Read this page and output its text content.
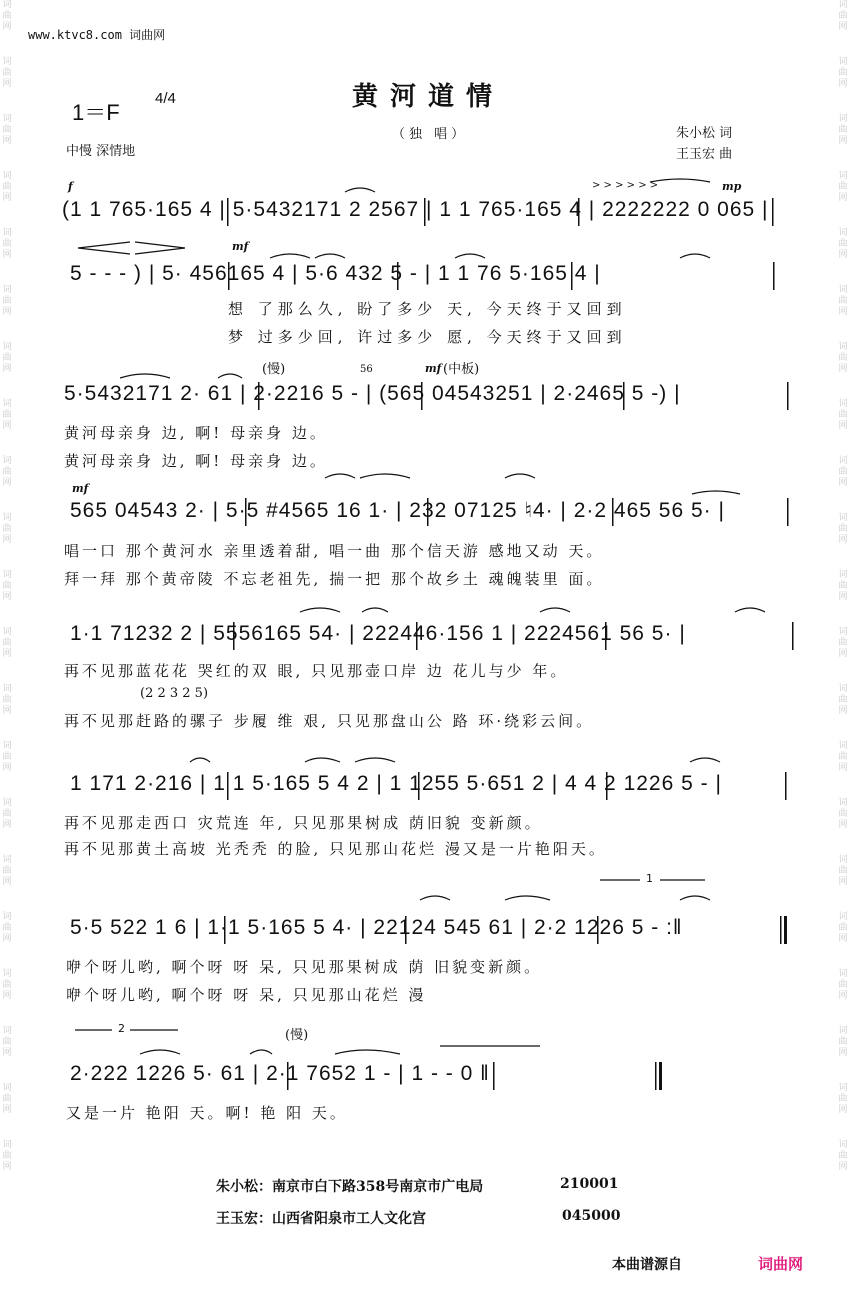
词
曲
网
词
曲
网
词
曲
网
词
曲
网
词
曲
网
词
曲
网
词
曲
网
词
曲
网
词
曲
网
词
曲
网
词
曲
网
词
曲
网
词
曲
网
词
曲
网
词
曲
网
词
曲
网
词
曲
网
词
曲
网
词
曲
网
词
曲
网
词
曲
网
词
曲
网
词
曲
网
词
曲
网
词
曲
网
词
曲
网
词
曲
网
词
曲
网
词
曲
网
词
曲
网
词
曲
网
词
曲
网
词
曲
网
词
曲
网
词
曲
网
词
曲
网
词
曲
网
词
曲
网
词
曲
网
词
曲
网
词
曲
网
词
曲
网
www.ktvc8.com 词曲网
1＝F
4/4	黄河道情
（独 唱）	朱小松 词
王玉宏 曲
中慢 深情地
f	mp
> > > > > >
(1 1 765·165 4 | 5·5432171 2 2567 | 1 1 765·165 4 | 2222222 0 065 |
mf
5 - - - ) | 5· 456165 4 | 5·6 432 5 - | 1 1 76 5·165 4 |
想 了那么久, 盼了多少 天, 今天终于又回到
梦 过多少回, 许过多少 愿, 今天终于又回到
(慢)	56	mf (中板)
5·5432171 2· 61 | 2·2216 5 - | (565 04543251 | 2·2465 5 -) |
黄河母亲身 边, 啊! 母亲身 边。
黄河母亲身 边, 啊! 母亲身 边。
mf
565 04543 2· | 5·5 #4565 16 1· | 232 07125 ♮4· | 2·2 465 56 5· |
唱一口 那个黄河水 亲里透着甜, 唱一曲 那个信天游 感地又动 天。
拜一拜 那个黄帝陵 不忘老祖先, 揣一把 那个故乡土 魂魄装里 面。
1·1 71232 2 | 5556165 54· | 222446·156 1 | 2224561 56 5· |
再不见那蓝花花 哭红的双 眼, 只见那壶口岸 边 花儿与少 年。
(2 2 3 2 5)
再不见那赶路的骡子 步履 维 艰, 只见那盘山公 路 环·绕彩云间。
1 171 2·216 | 1 1 5·165 5 4 2 | 1 1255 5·651 2 | 4 4 2 1226 5 - |
再不见那走西口 灾荒连 年, 只见那果树成 荫旧貌 变新颜。
再不见那黄土高坡 光秃秃 的脸, 只见那山花烂 漫又是一片艳阳天。
1
5·5 522 1 6 | 1·1 5·165 5 4· | 22124 545 61 | 2·2 1226 5 - :‖
咿个呀儿哟, 啊个呀 呀 呆, 只见那果树成 荫 旧貌变新颜。
咿个呀儿哟, 啊个呀 呀 呆, 只见那山花烂 漫
2	(慢)
2·222 1226 5· 61 | 2·1 7652 1 - | 1 - - 0 ‖
又是一片 艳阳 天。啊! 艳 阳 天。
朱小松：南京市白下路358号南京市广电局	210001
王玉宏：山西省阳泉市工人文化宫	045000
本曲谱源自	词曲网
